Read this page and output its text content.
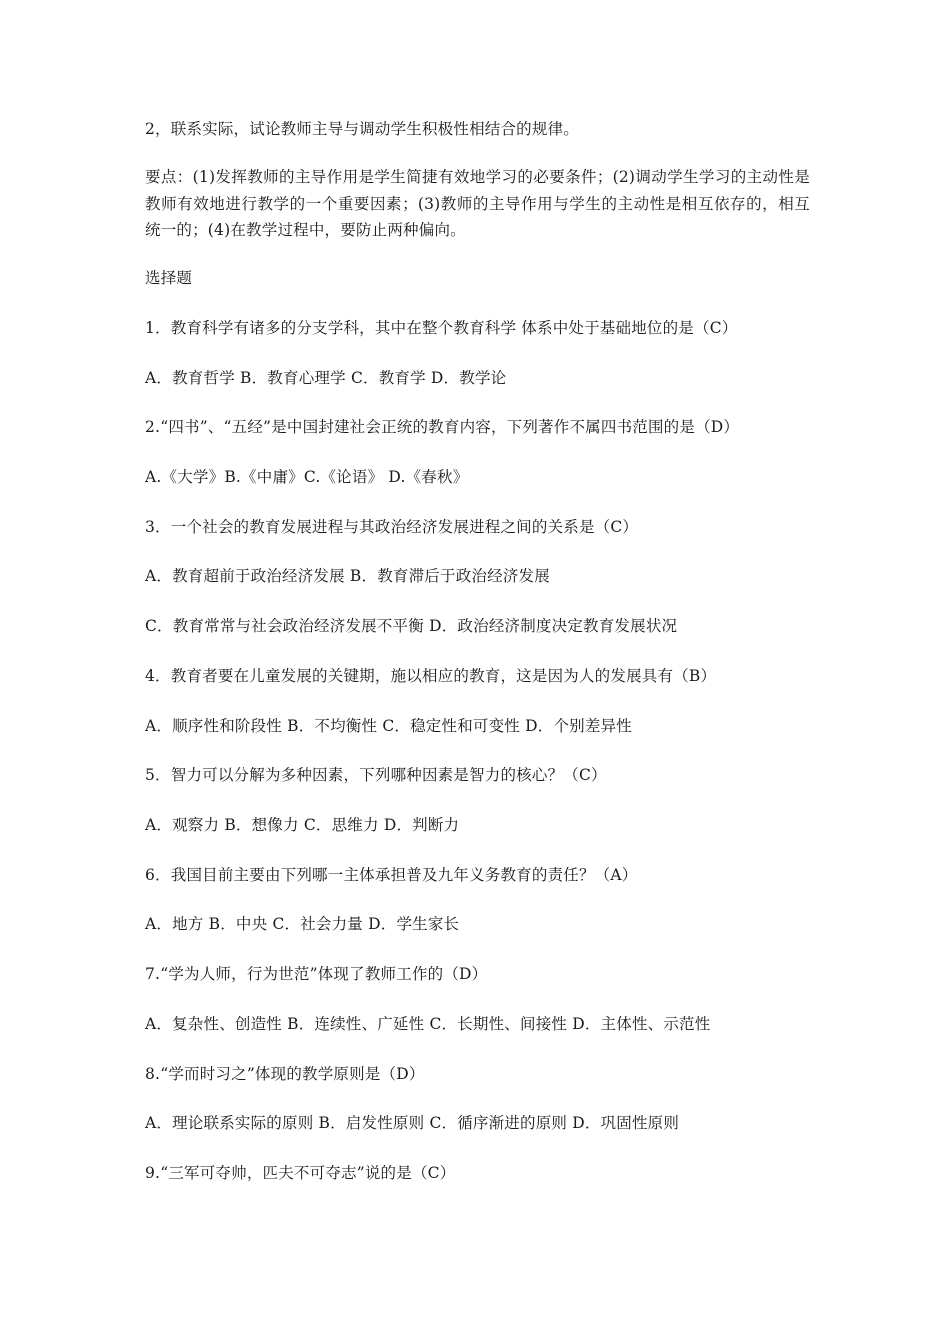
2，联系实际，试论教师主导与调动学生积极性相结合的规律。
要点：(1)发挥教师的主导作用是学生简捷有效地学习的必要条件；(2)调动学生学习的主动性是教师有效地进行教学的一个重要因素；(3)教师的主导作用与学生的主动性是相互依存的，相互统一的；(4)在教学过程中，要防止两种偏向。
选择题
1．教育科学有诸多的分支学科，其中在整个教育科学 体系中处于基础地位的是（C）
A．教育哲学 B．教育心理学 C．教育学 D．教学论
2.“四书”、“五经”是中国封建社会正统的教育内容，下列著作不属四书范围的是（D）
A.《大学》B.《中庸》C.《论语》 D.《春秋》
3．一个社会的教育发展进程与其政治经济发展进程之间的关系是（C）
A．教育超前于政治经济发展 B．教育滞后于政治经济发展
C．教育常常与社会政治经济发展不平衡 D．政治经济制度决定教育发展状况
4．教育者要在儿童发展的关键期，施以相应的教育，这是因为人的发展具有（B）
A．顺序性和阶段性 B．不均衡性 C．稳定性和可变性 D．个别差异性
5．智力可以分解为多种因素，下列哪种因素是智力的核心？（C）
A．观察力 B．想像力 C．思维力 D．判断力
6．我国目前主要由下列哪一主体承担普及九年义务教育的责任？（A）
A．地方 B．中央 C．社会力量 D．学生家长
7.“学为人师，行为世范”体现了教师工作的（D）
A．复杂性、创造性 B．连续性、广延性 C．长期性、间接性 D．主体性、示范性
8.“学而时习之”体现的教学原则是（D）
A．理论联系实际的原则 B．启发性原则 C．循序渐进的原则 D．巩固性原则
9.“三军可夺帅，匹夫不可夺志”说的是（C）
